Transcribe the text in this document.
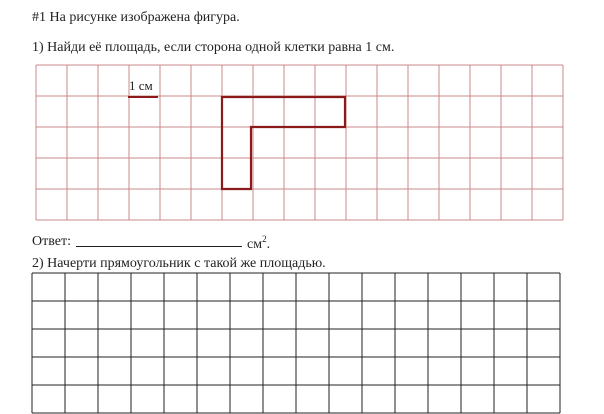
#1 На рисунке изображена фигура.
1) Найди её площадь, если сторона одной клетки равна 1 см.
1 см
Ответ:	$см^2$.
2) Начерти прямоугольник с такой же площадью.
